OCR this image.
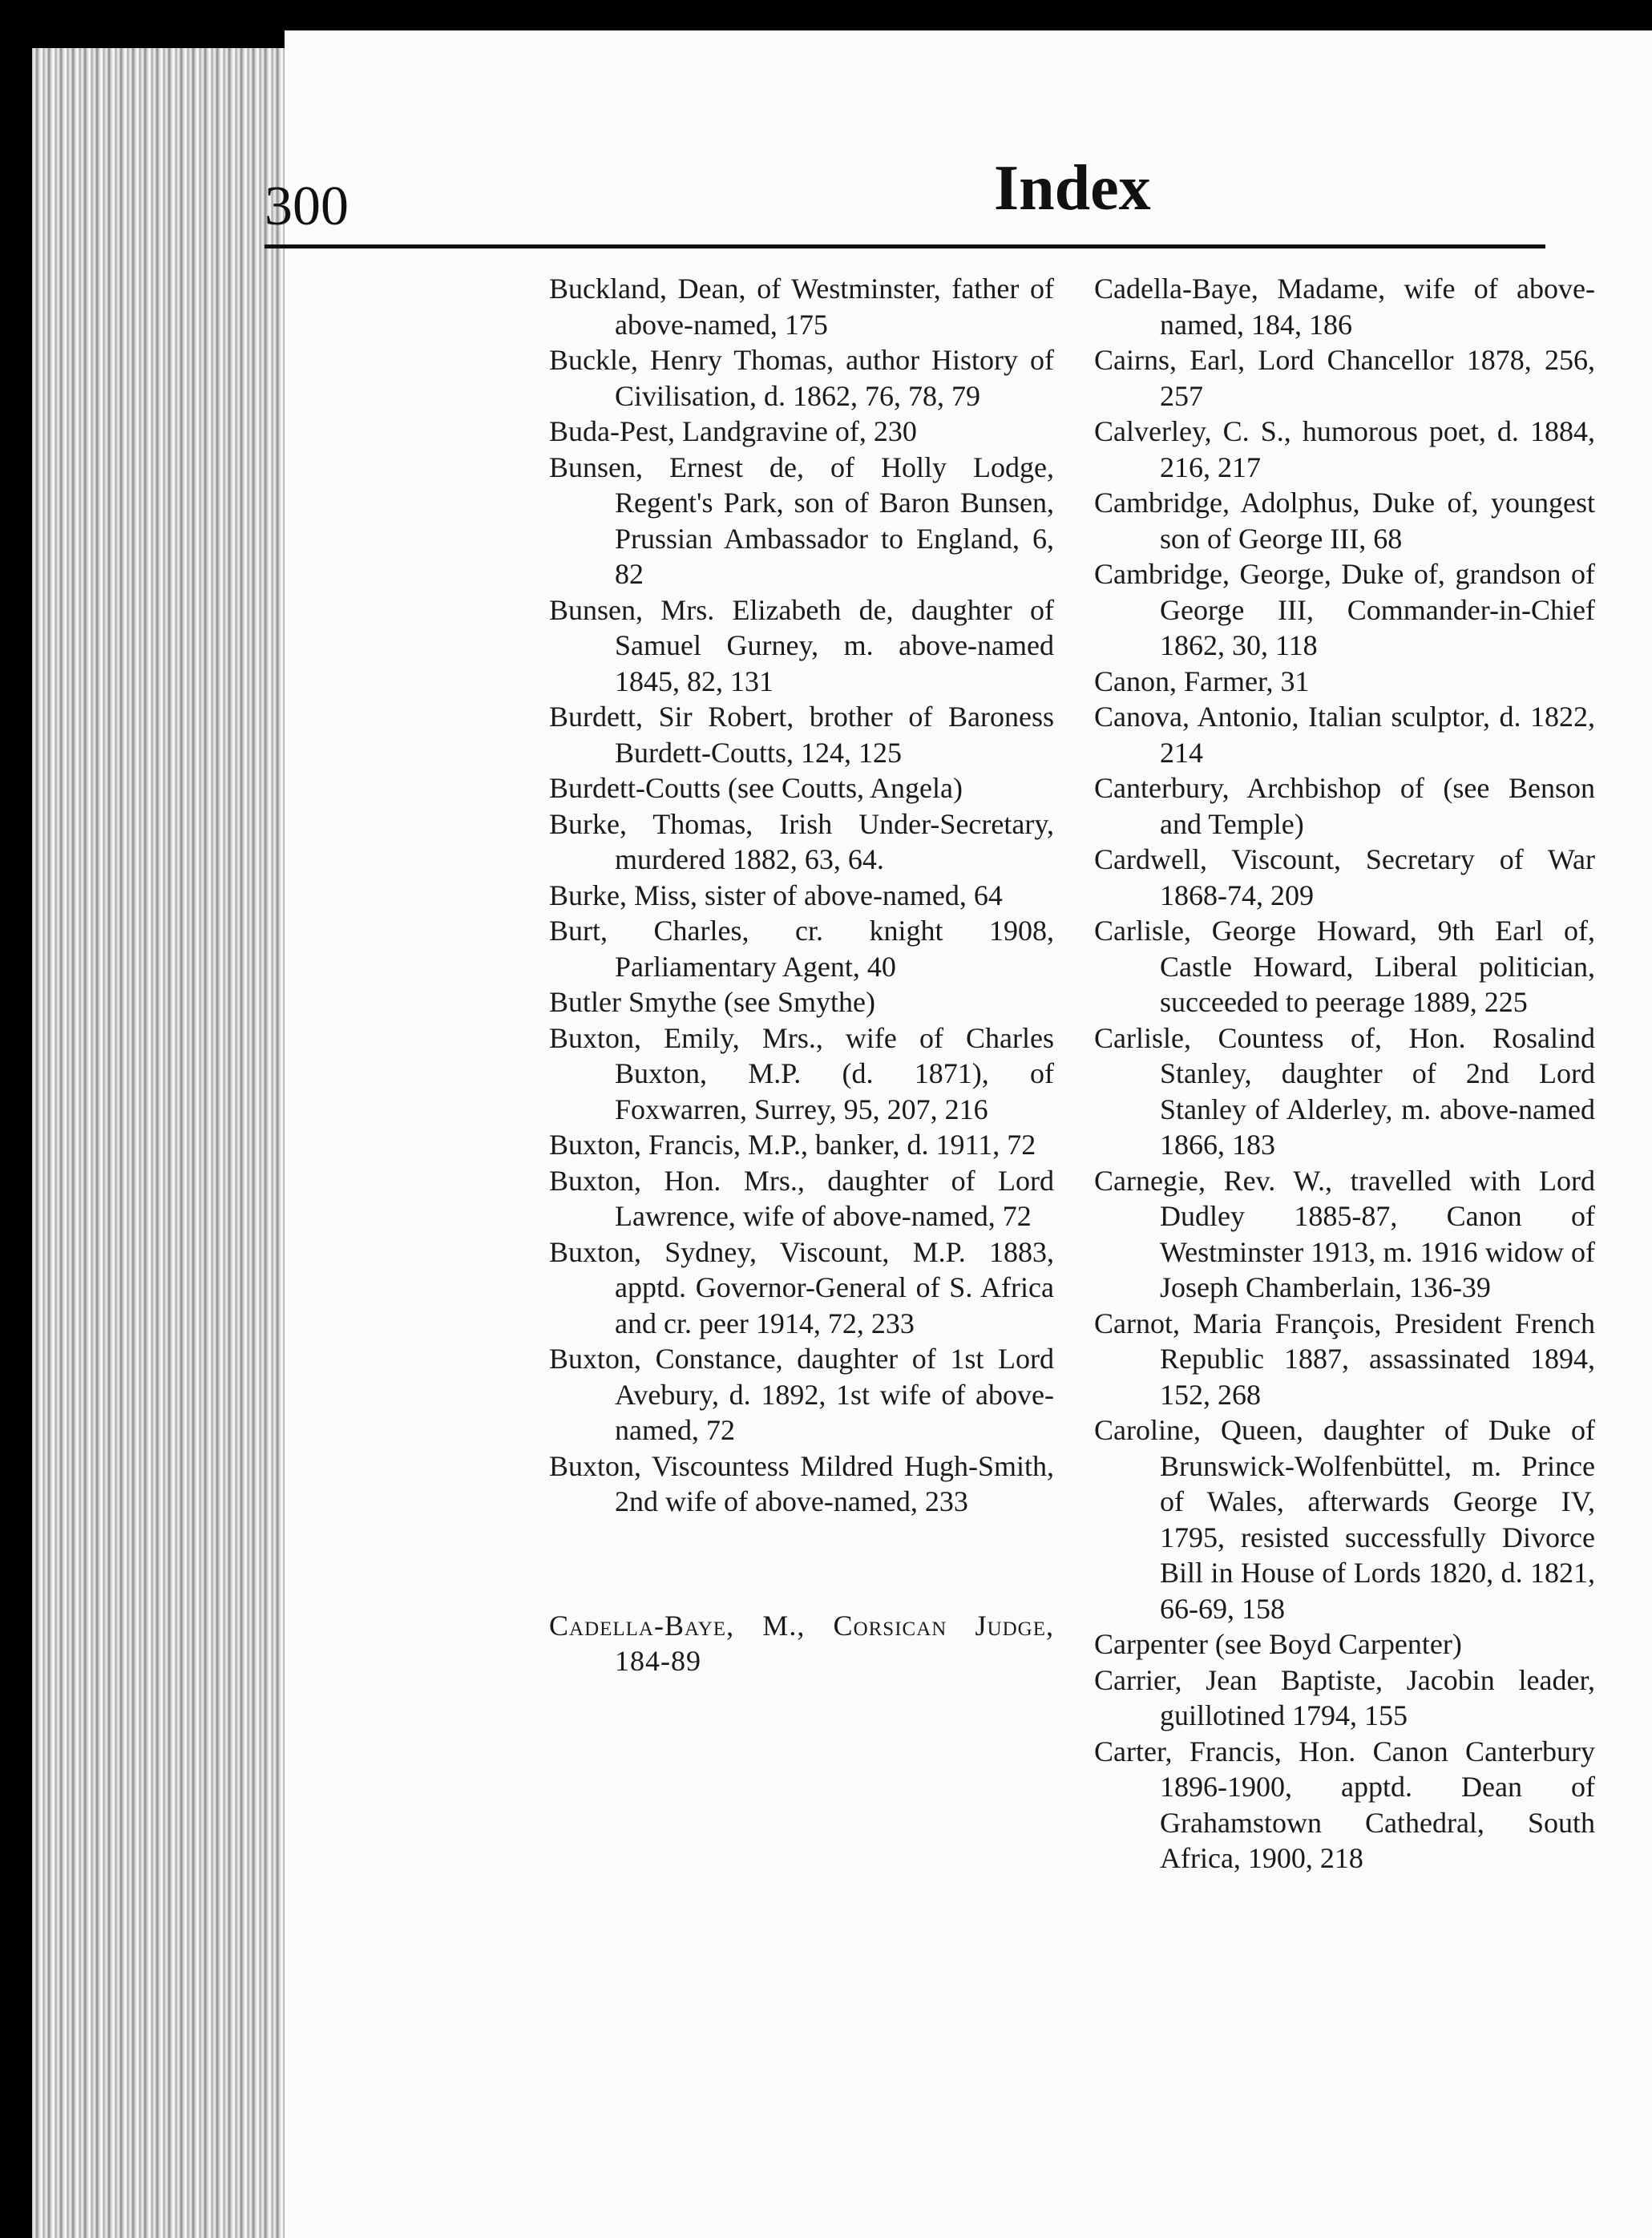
300	Index

Buckland, Dean, of Westminster, father of above-named, 175

Buckle, Henry Thomas, author History of Civilisation, d. 1862, 76, 78, 79

Buda-Pest, Landgravine of, 230

Bunsen, Ernest de, of Holly Lodge, Regent's Park, son of Baron Bunsen, Prussian Ambassador to England, 6, 82

Bunsen, Mrs. Elizabeth de, daughter of Samuel Gurney, m. above-named 1845, 82, 131

Burdett, Sir Robert, brother of Baroness Burdett-Coutts, 124, 125

Burdett-Coutts (see Coutts, Angela)

Burke, Thomas, Irish Under-Secretary, murdered 1882, 63, 64.

Burke, Miss, sister of above-named, 64

Burt, Charles, cr. knight 1908, Parliamentary Agent, 40

Butler Smythe (see Smythe)

Buxton, Emily, Mrs., wife of Charles Buxton, M.P. (d. 1871), of Foxwarren, Surrey, 95, 207, 216

Buxton, Francis, M.P., banker, d. 1911, 72

Buxton, Hon. Mrs., daughter of Lord Lawrence, wife of above-named, 72

Buxton, Sydney, Viscount, M.P. 1883, apptd. Governor-General of S. Africa and cr. peer 1914, 72, 233

Buxton, Constance, daughter of 1st Lord Avebury, d. 1892, 1st wife of above-named, 72

Buxton, Viscountess Mildred Hugh-Smith, 2nd wife of above-named, 233

Cadella-Baye, M., Corsican Judge, 184-89

Cadella-Baye, Madame, wife of above-named, 184, 186

Cairns, Earl, Lord Chancellor 1878, 256, 257

Calverley, C. S., humorous poet, d. 1884, 216, 217

Cambridge, Adolphus, Duke of, youngest son of George III, 68

Cambridge, George, Duke of, grandson of George III, Commander-in-Chief 1862, 30, 118

Canon, Farmer, 31

Canova, Antonio, Italian sculptor, d. 1822, 214

Canterbury, Archbishop of (see Benson and Temple)

Cardwell, Viscount, Secretary of War 1868-74, 209

Carlisle, George Howard, 9th Earl of, Castle Howard, Liberal politician, succeeded to peerage 1889, 225

Carlisle, Countess of, Hon. Rosalind Stanley, daughter of 2nd Lord Stanley of Alderley, m. above-named 1866, 183

Carnegie, Rev. W., travelled with Lord Dudley 1885-87, Canon of Westminster 1913, m. 1916 widow of Joseph Chamberlain, 136-39

Carnot, Maria François, President French Republic 1887, assassinated 1894, 152, 268

Caroline, Queen, daughter of Duke of Brunswick-Wolfenbüttel, m. Prince of Wales, afterwards George IV, 1795, resisted successfully Divorce Bill in House of Lords 1820, d. 1821, 66-69, 158

Carpenter (see Boyd Carpenter)

Carrier, Jean Baptiste, Jacobin leader, guillotined 1794, 155

Carter, Francis, Hon. Canon Canterbury 1896-1900, apptd. Dean of Grahamstown Cathedral, South Africa, 1900, 218
